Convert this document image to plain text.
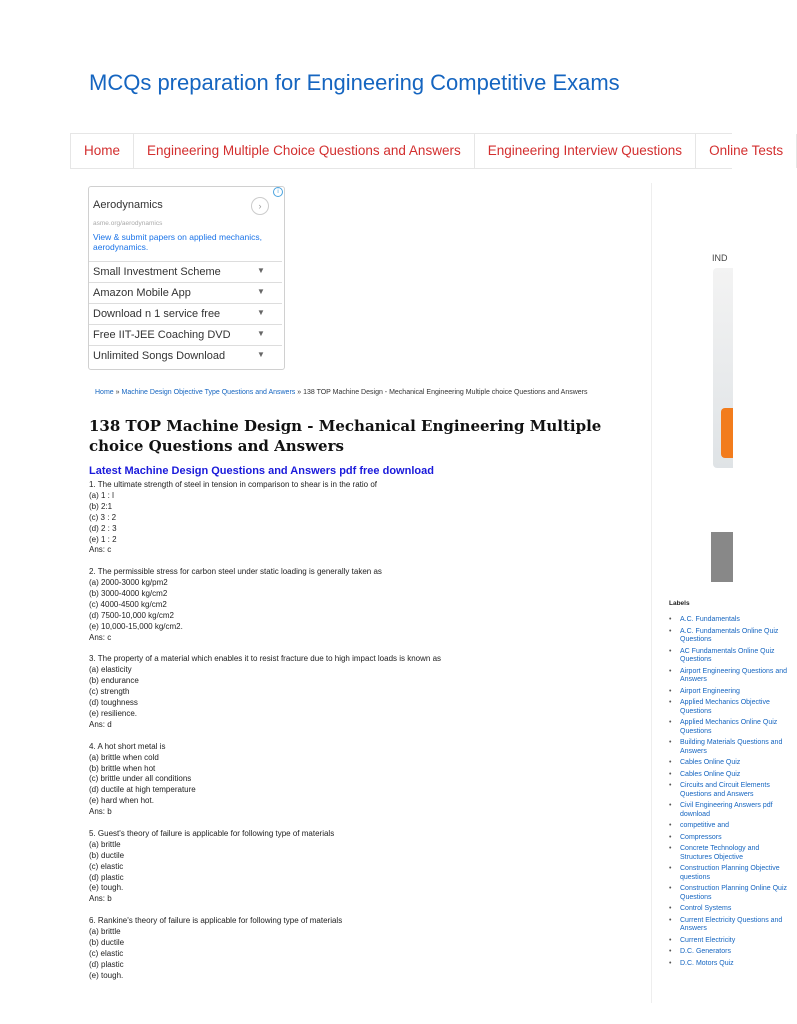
MCQs preparation for Engineering Competitive Exams
Home	Engineering Multiple Choice Questions and Answers	Engineering Interview Questions	Online Tests
i
Aerodynamics	›
asme.org/aerodynamics
View & submit papers on applied mechanics, aerodynamics.
Small Investment Scheme	▼
Amazon Mobile App	▼
Download n 1 service free	▼
Free IIT-JEE Coaching DVD	▼
Unlimited Songs Download	▼
Home » Machine Design Objective Type Questions and Answers » 138 TOP Machine Design - Mechanical Engineering Multiple choice Questions and Answers
138 TOP Machine Design - Mechanical Engineering Multiple choice Questions and Answers
Latest Machine Design Questions and Answers pdf free download
1. The ultimate strength of steel in tension in comparison to shear is in the ratio of
(a) 1 : l
(b) 2:1
(c) 3 : 2
(d) 2 : 3
(e) 1 : 2
Ans: c
2. The permissible stress for carbon steel under static loading is generally taken as
(a) 2000-3000 kg/pm2
(b) 3000-4000 kg/cm2
(c) 4000-4500 kg/cm2
(d) 7500-10,000 kg/cm2
(e) 10,000-15,000 kg/cm2.
Ans: c
3. The property of a material which enables it to resist fracture due to high impact loads is known as
(a) elasticity
(b) endurance
(c) strength
(d) toughness
(e) resilience.
Ans: d
4. A hot short metal is
(a) brittle when cold
(b) brittle when hot
(c) brittle under all conditions
(d) ductile at high temperature
(e) hard when hot.
Ans: b
5. Guest's theory of failure is applicable for following type of materials
(a) brittle
(b) ductile
(c) elastic
(d) plastic
(e) tough.
Ans: b
6. Rankine's theory of failure is applicable for following type of materials
(a) brittle
(b) ductile
(c) elastic
(d) plastic
(e) tough.
IND
Labels
• A.C. Fundamentals
• A.C. Fundamentals Online Quiz Questions
• AC Fundamentals Online Quiz Questions
• Airport Engineering Questions and Answers
• Airport Engineering
• Applied Mechanics Objective Questions
• Applied Mechanics Online Quiz Questions
• Building Materials Questions and Answers
• Cables Online Quiz
• Cables Online Quiz
• Circuits and Circuit Elements Questions and Answers
• Civil Engineering Answers pdf download
• competitive and
• Compressors
• Concrete Technology and Structures Objective
• Construction Planning Objective questions
• Construction Planning Online Quiz Questions
• Control Systems
• Current Electricity Questions and Answers
• Current Electricity
• D.C. Generators
• D.C. Motors Quiz
